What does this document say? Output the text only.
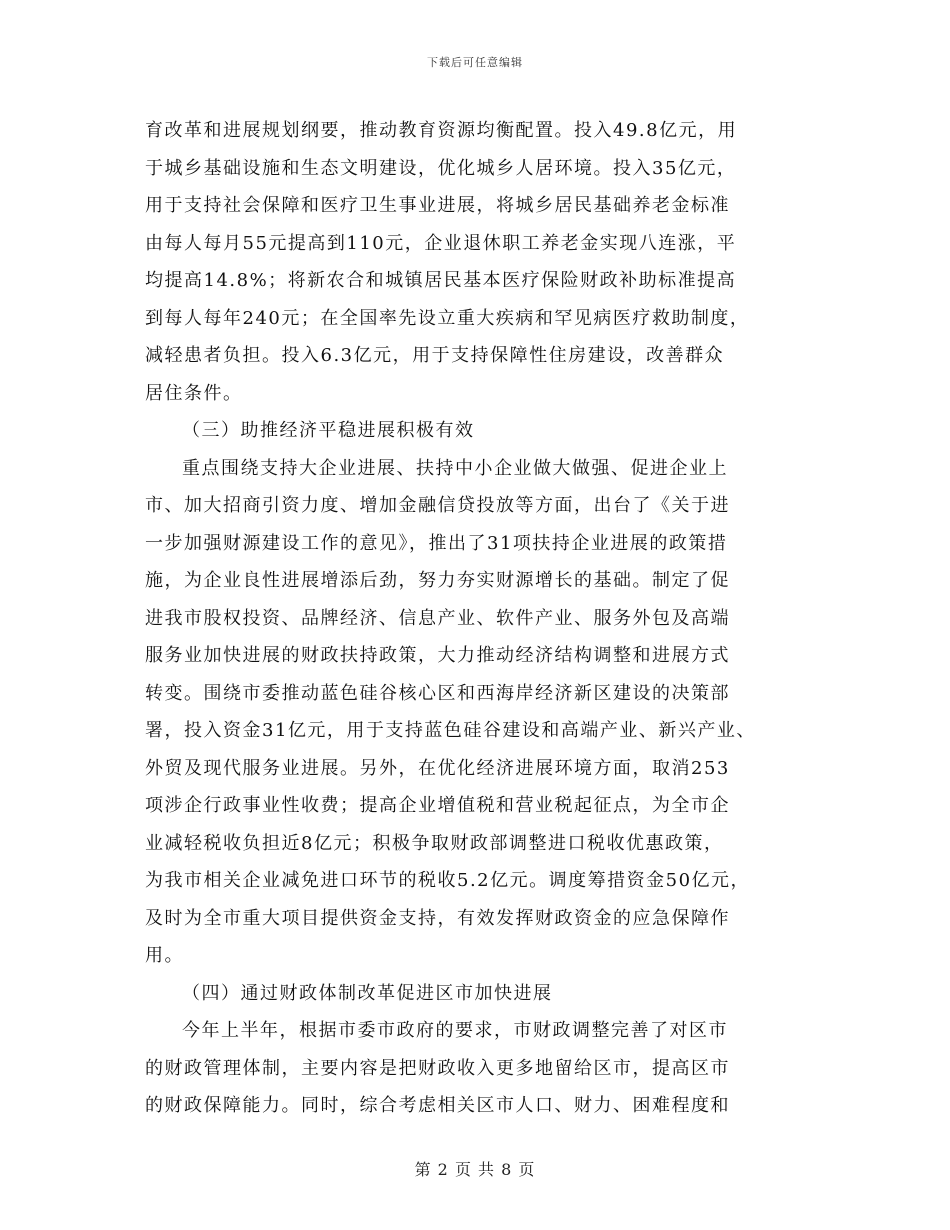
下载后可任意编辑
育改革和进展规划纲要，推动教育资源均衡配置。投入49.8亿元，用
于城乡基础设施和生态文明建设，优化城乡人居环境。投入35亿元，
用于支持社会保障和医疗卫生事业进展，将城乡居民基础养老金标准
由每人每月55元提高到110元，企业退休职工养老金实现八连涨，平
均提高14.8%；将新农合和城镇居民基本医疗保险财政补助标准提高
到每人每年240元；在全国率先设立重大疾病和罕见病医疗救助制度，
减轻患者负担。投入6.3亿元，用于支持保障性住房建设，改善群众
居住条件。
（三）助推经济平稳进展积极有效
重点围绕支持大企业进展、扶持中小企业做大做强、促进企业上
市、加大招商引资力度、增加金融信贷投放等方面，出台了《关于进
一步加强财源建设工作的意见》，推出了31项扶持企业进展的政策措
施，为企业良性进展增添后劲，努力夯实财源增长的基础。制定了促
进我市股权投资、品牌经济、信息产业、软件产业、服务外包及高端
服务业加快进展的财政扶持政策，大力推动经济结构调整和进展方式
转变。围绕市委推动蓝色硅谷核心区和西海岸经济新区建设的决策部
署，投入资金31亿元，用于支持蓝色硅谷建设和高端产业、新兴产业、
外贸及现代服务业进展。另外，在优化经济进展环境方面，取消253
项涉企行政事业性收费；提高企业增值税和营业税起征点，为全市企
业减轻税收负担近8亿元；积极争取财政部调整进口税收优惠政策，
为我市相关企业减免进口环节的税收5.2亿元。调度筹措资金50亿元，
及时为全市重大项目提供资金支持，有效发挥财政资金的应急保障作
用。
（四）通过财政体制改革促进区市加快进展
今年上半年，根据市委市政府的要求，市财政调整完善了对区市
的财政管理体制，主要内容是把财政收入更多地留给区市，提高区市
的财政保障能力。同时，综合考虑相关区市人口、财力、困难程度和
第 2 页 共 8 页
